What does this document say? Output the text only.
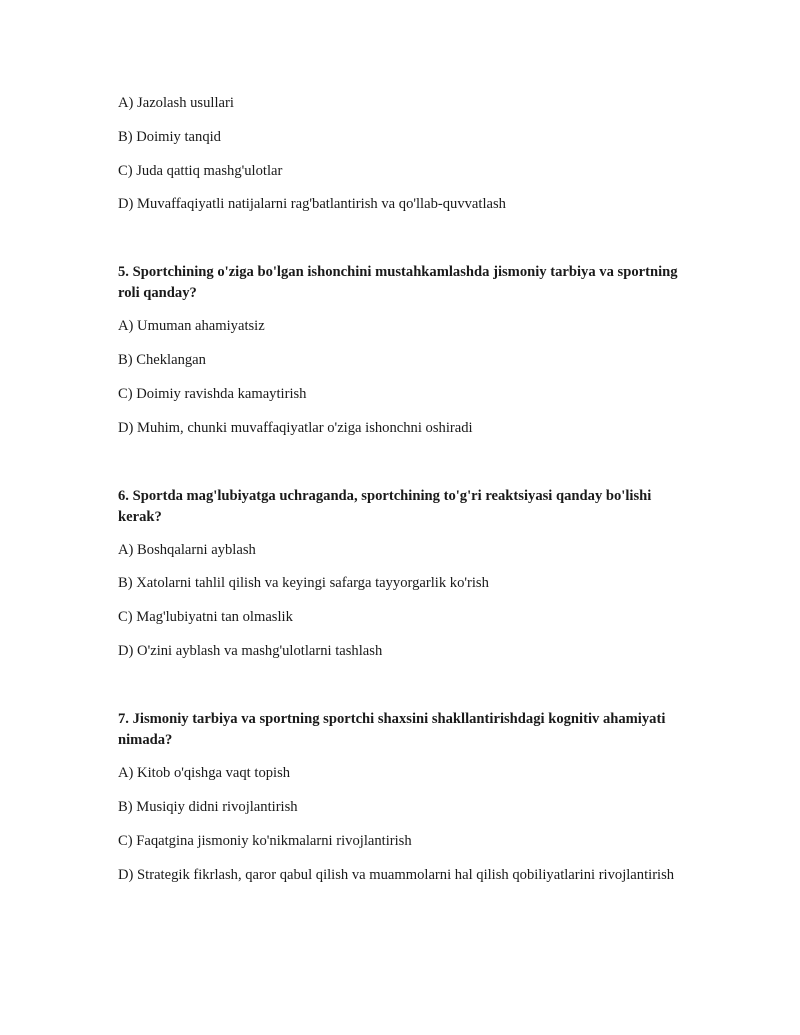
A) Jazolash usullari
B) Doimiy tanqid
C) Juda qattiq mashg'ulotlar
D) Muvaffaqiyatli natijalarni rag'batlantirish va qo'llab-quvvatlash
5. Sportchining o'ziga bo'lgan ishonchini mustahkamlashda jismoniy tarbiya va sportning roli qanday?
A) Umuman ahamiyatsiz
B) Cheklangan
C) Doimiy ravishda kamaytirish
D) Muhim, chunki muvaffaqiyatlar o'ziga ishonchni oshiradi
6. Sportda mag'lubiyatga uchraganda, sportchining to'g'ri reaktsiyasi qanday bo'lishi kerak?
A) Boshqalarni ayblash
B) Xatolarni tahlil qilish va keyingi safarga tayyorgarlik ko'rish
C) Mag'lubiyatni tan olmaslik
D) O'zini ayblash va mashg'ulotlarni tashlash
7. Jismoniy tarbiya va sportning sportchi shaxsini shakllantirishdagi kognitiv ahamiyati nimada?
A) Kitob o'qishga vaqt topish
B) Musiqiy didni rivojlantirish
C) Faqatgina jismoniy ko'nikmalarni rivojlantirish
D) Strategik fikrlash, qaror qabul qilish va muammolarni hal qilish qobiliyatlarini rivojlantirish
